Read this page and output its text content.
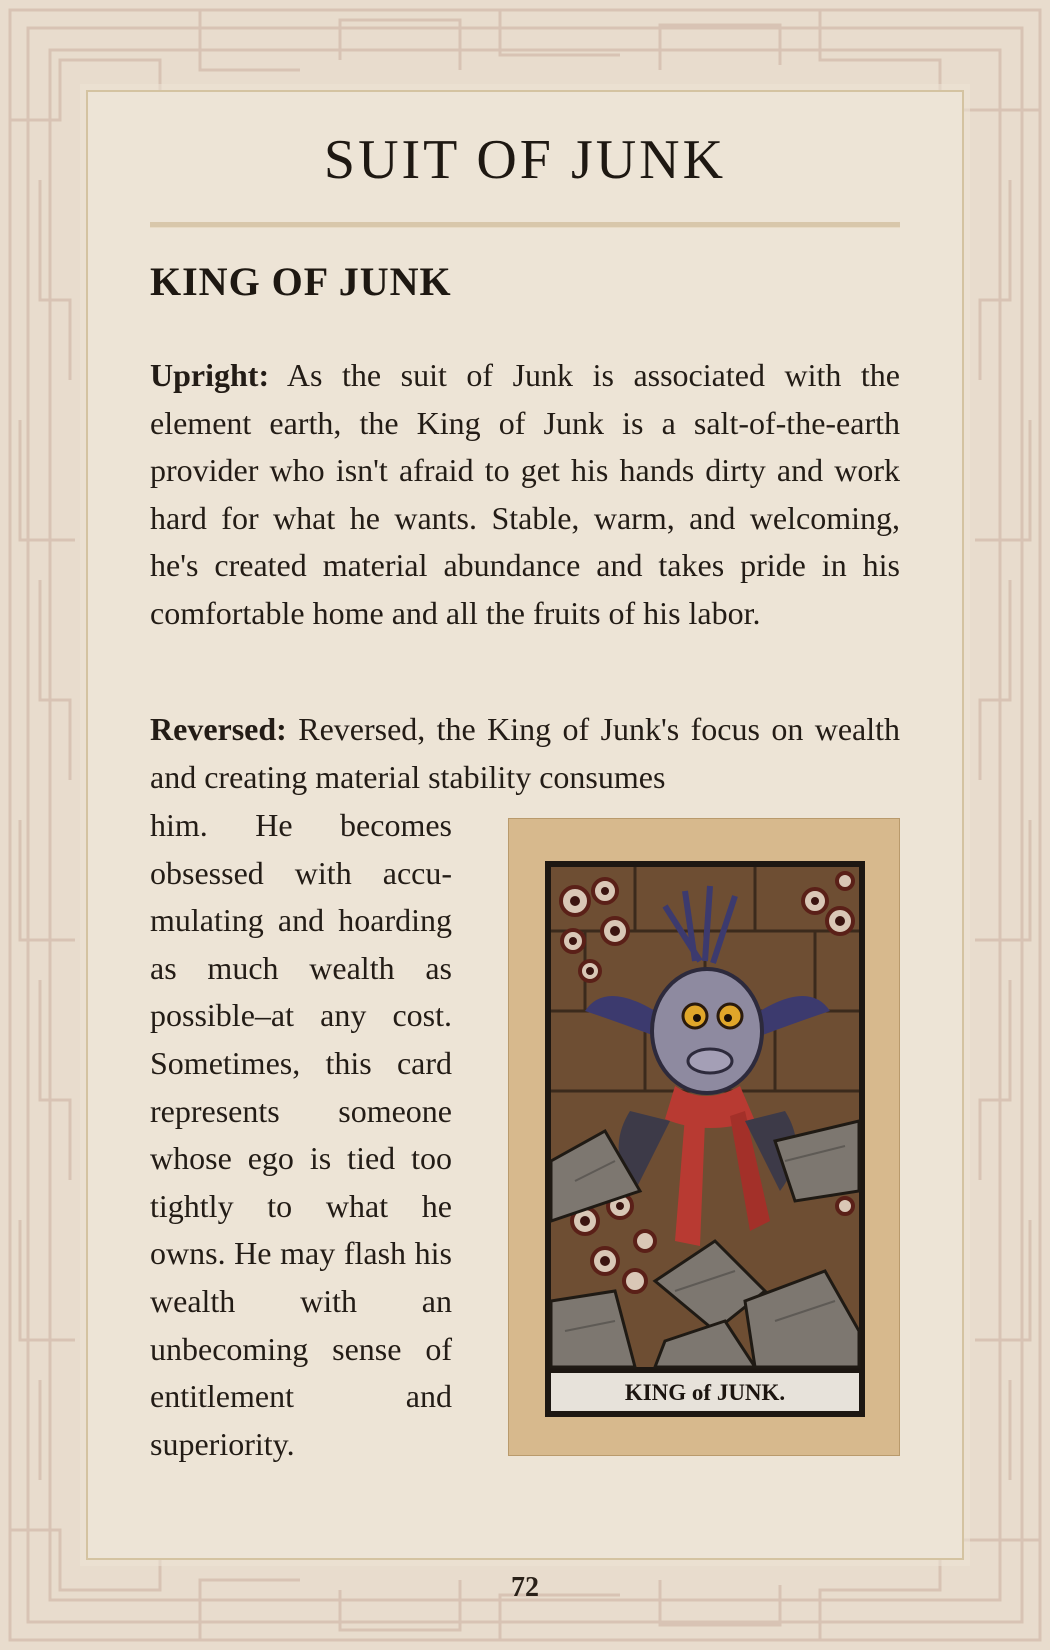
SUIT OF JUNK
KING OF JUNK

Upright: As the suit of Junk is associated with the element earth, the King of Junk is a salt-of-the-earth provider who isn't afraid to get his hands dirty and work hard for what he wants. Stable, warm, and welcoming, he's created material abundance and takes pride in his comfortable home and all the fruits of his labor.

Reversed: Reversed, the King of Junk's focus on wealth and creating material stability consumes

him. He becomes obsessed with accumulating and hoarding as much wealth as possible–at any cost. Sometimes, this card represents someone whose ego is tied too tightly to what he owns. He may flash his wealth with an unbecoming sense of entitlement and superiority.

KING of JUNK.
72
